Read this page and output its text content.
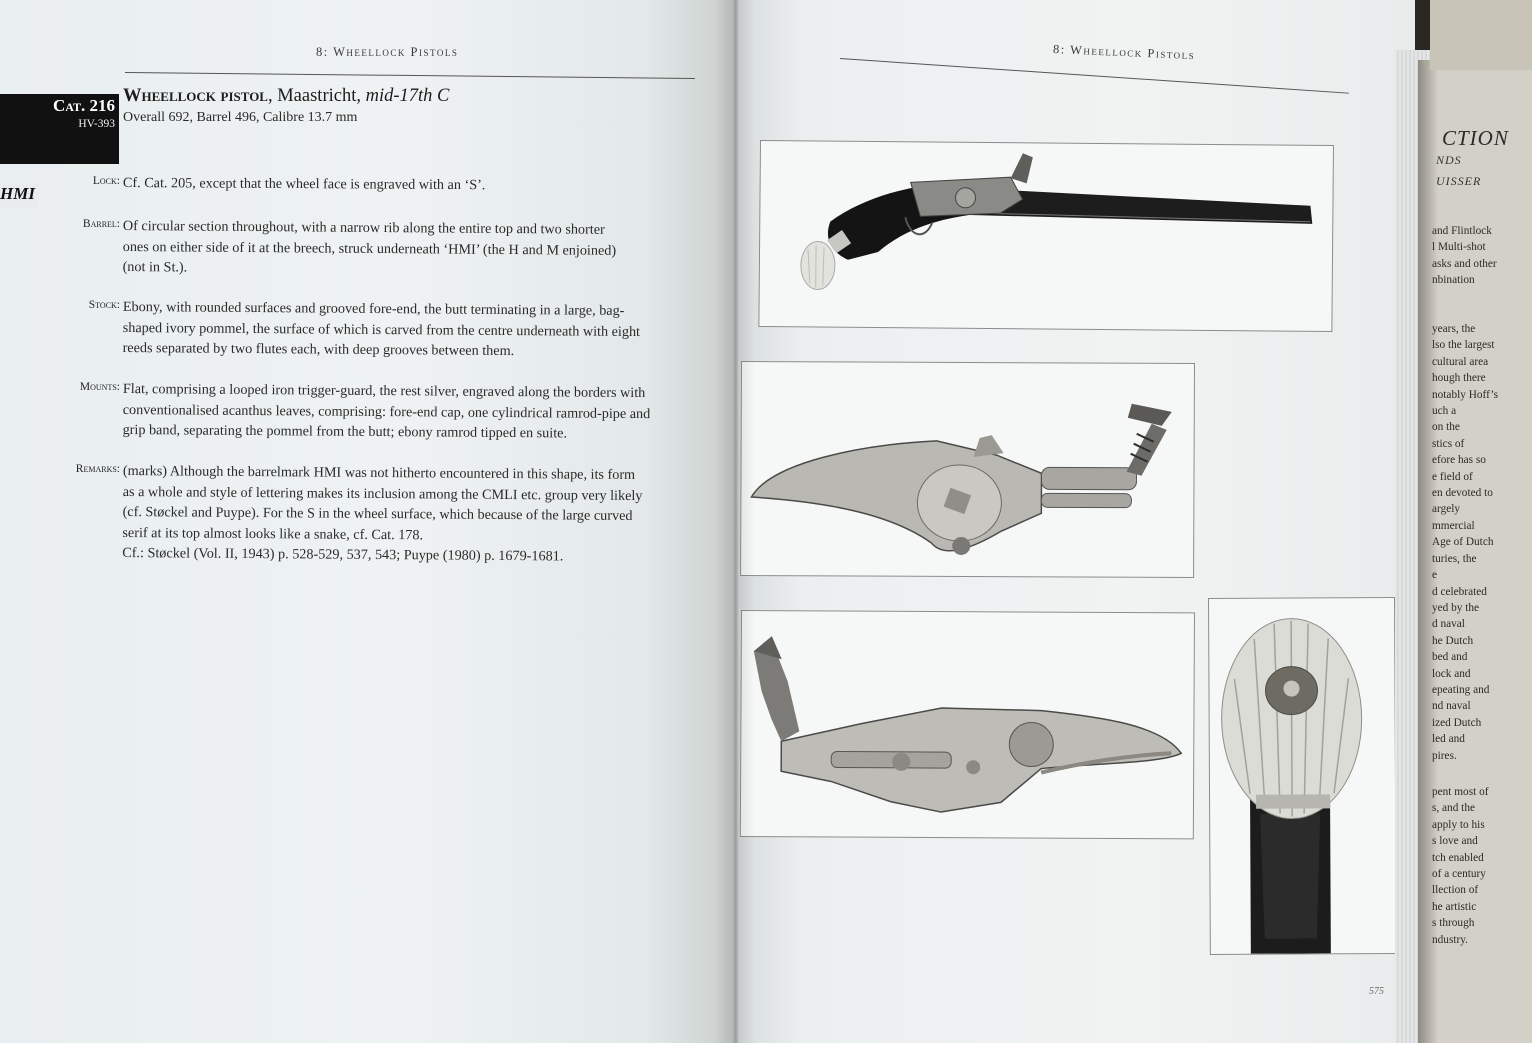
8: Wheellock Pistols
Cat. 216
HV-393
HMI
Wheellock pistol, Maastricht, mid-17th C
Overall 692, Barrel 496, Calibre 13.7 mm
Lock: Cf. Cat. 205, except that the wheel face is engraved with an ‘S’.
Barrel: Of circular section throughout, with a narrow rib along the entire top and two shorter
ones on either side of it at the breech, struck underneath ‘HMI’ (the H and M enjoined)
(not in St.).
Stock: Ebony, with rounded surfaces and grooved fore-end, the butt terminating in a large, bag-
shaped ivory pommel, the surface of which is carved from the centre underneath with eight
reeds separated by two flutes each, with deep grooves between them.
Mounts: Flat, comprising a looped iron trigger-guard, the rest silver, engraved along the borders with
conventionalised acanthus leaves, comprising: fore-end cap, one cylindrical ramrod-pipe and
grip band, separating the pommel from the butt; ebony ramrod tipped en suite.
Remarks: (marks) Although the barrelmark HMI was not hitherto encountered in this shape, its form
as a whole and style of lettering makes its inclusion among the CMLI etc. group very likely
(cf. Støckel and Puype). For the S in the wheel surface, which because of the large curved
serif at its top almost looks like a snake, cf. Cat. 178.
Cf.: Støckel (Vol. II, 1943) p. 528-529, 537, 543; Puype (1980) p. 1679-1681.
8: Wheellock Pistols
575
CTION
NDS
UISSER
and Flintlock
l Multi-shot
asks and other
nbination
years, the
lso the largest
cultural area
hough there
notably Hoff’s
uch a
on the
stics of
efore has so
e field of
en devoted to
argely
mmercial
Age of Dutch
turies, the
e
d celebrated
yed by the
d naval
he Dutch
bed and
lock and
epeating and
nd naval
ized Dutch
led and
pires.
pent most of
s, and the
apply to his
s love and
tch enabled
of a century
llection of
he artistic
s through
ndustry.
